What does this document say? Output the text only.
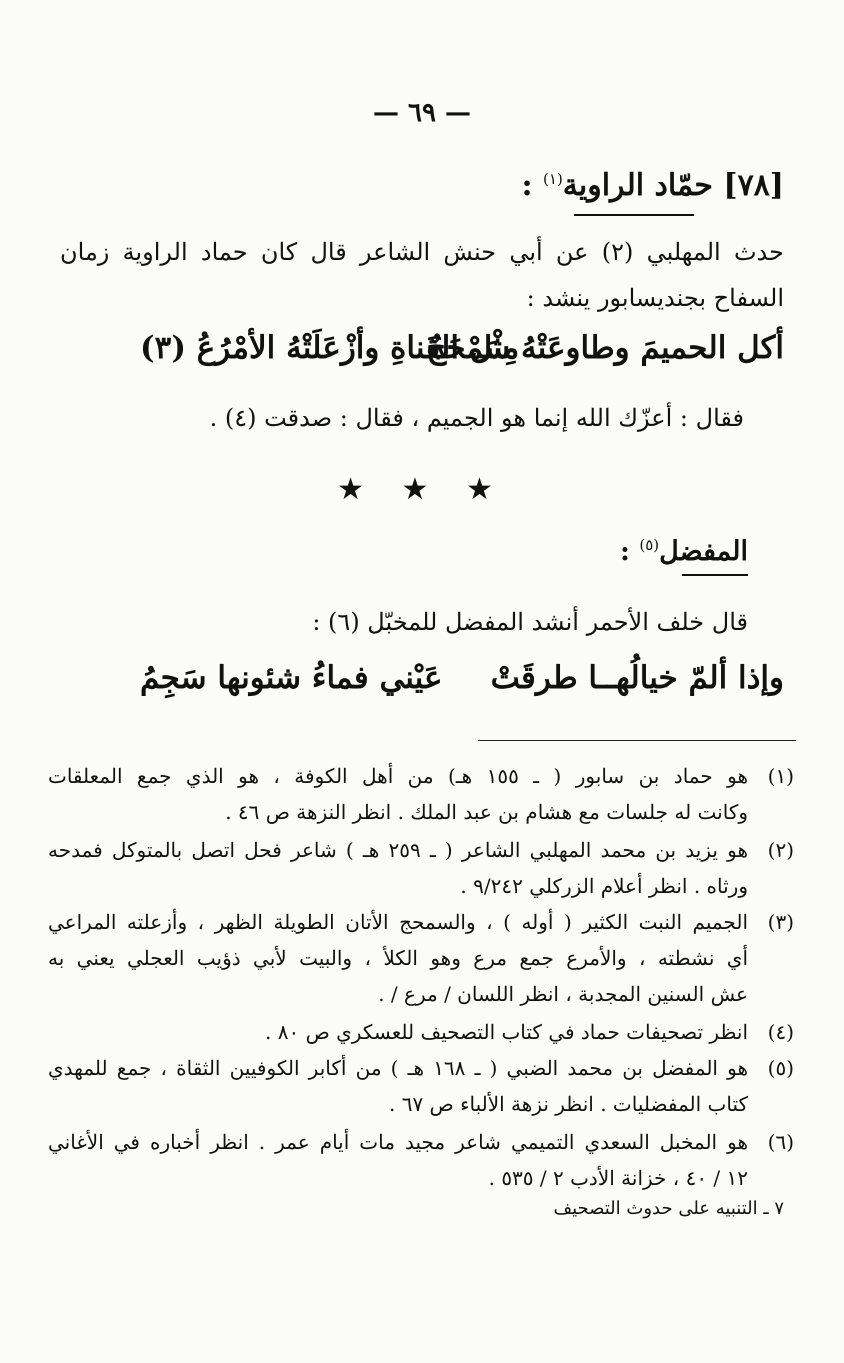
— ٦٩ —
[٧٨] حمّاد الراوية$^{(١)}$ :
حدث المهلبي (٢) عن أبي حنش الشاعر قال كان حماد الراوية زمان
السفاح بجنديسابور ينشد :
أكل الحميمَ وطاوعَتْهُ سَمْحَجٌ
مِثْل القَناةِ وأزْعَلَتْهُ الأمْرُعُ (٣)
فقال : أعزّك الله إنما هو الجميم ، فقال : صدقت (٤) .
★ ★ ★
المفضل$^{(٥)}$ :
قال خلف الأحمر أنشد المفضل للمخبّل (٦) :
وإذا ألمّ خيالُهــا طرقَتْ
عَيْني فماءُ شئونها سَجِمُ
(١)
هو حماد بن سابور ( ـ ١٥٥ هـ) من أهل الكوفة ، هو الذي جمع المعلقات
وكانت له جلسات مع هشام بن عبد الملك . انظر النزهة ص ٤٦ .
(٢)
هو يزيد بن محمد المهلبي الشاعر ( ـ ٢٥٩ هـ ) شاعر فحل اتصل بالمتوكل فمدحه
ورثاه . انظر أعلام الزركلي ٩/٢٤٢ .
(٣)
الجميم النبت الكثير ( أوله ) ، والسمحج الأتان الطويلة الظهر ، وأزعلته المراعي
أي نشطته ، والأمرع جمع مرع وهو الكلأ ، والبيت لأبي ذؤيب العجلي يعني به
عش السنين المجدبة ، انظر اللسان / مرع / .
(٤)
انظر تصحيفات حماد في كتاب التصحيف للعسكري ص ٨٠ .
(٥)
هو المفضل بن محمد الضبي ( ـ ١٦٨ هـ ) من أكابر الكوفيين الثقاة ، جمع للمهدي
كتاب المفضليات . انظر نزهة الألباء ص ٦٧ .
(٦)
هو المخبل السعدي التميمي شاعر مجيد مات أيام عمر . انظر أخباره في الأغاني
١٢ / ٤٠ ، خزانة الأدب ٢ / ٥٣٥ .
٧ ـ التنبيه على حدوث التصحيف
